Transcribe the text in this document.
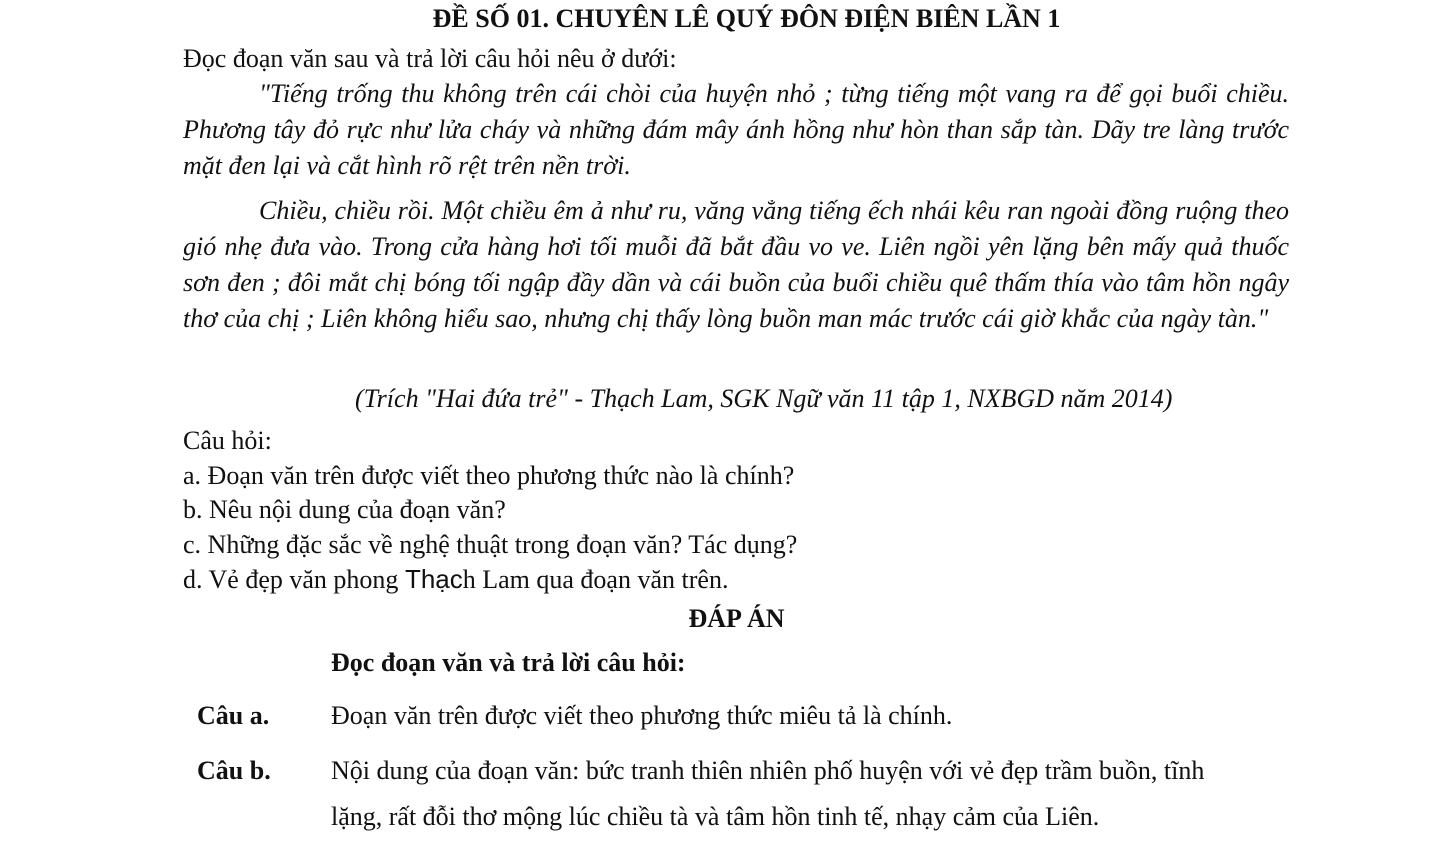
ĐỀ SỐ 01. CHUYÊN LÊ QUÝ ĐÔN ĐIỆN BIÊN LẦN 1
Đọc đoạn văn sau và trả lời câu hỏi nêu ở dưới:
"Tiếng trống thu không trên cái chòi của huyện nhỏ ; từng tiếng một vang ra để gọi buổi chiều. Phương tây đỏ rực như lửa cháy và những đám mây ánh hồng như hòn than sắp tàn. Dãy tre làng trước mặt đen lại và cắt hình rõ rệt trên nền trời.
Chiều, chiều rồi. Một chiều êm ả như ru, văng vẳng tiếng ếch nhái kêu ran ngoài đồng ruộng theo gió nhẹ đưa vào. Trong cửa hàng hơi tối muỗi đã bắt đầu vo ve. Liên ngồi yên lặng bên mấy quả thuốc sơn đen ; đôi mắt chị bóng tối ngập đầy dần và cái buồn của buổi chiều quê thấm thía vào tâm hồn ngây thơ của chị ; Liên không hiểu sao, nhưng chị thấy lòng buồn man mác trước cái giờ khắc của ngày tàn."
(Trích "Hai đứa trẻ" - Thạch Lam, SGK Ngữ văn 11 tập 1, NXBGD năm 2014)
Câu hỏi:
a. Đoạn văn trên được viết theo phương thức nào là chính?
b. Nêu nội dung của đoạn văn?
c. Những đặc sắc về nghệ thuật trong đoạn văn? Tác dụng?
d. Vẻ đẹp văn phong Thạch Lam qua đoạn văn trên.
ĐÁP ÁN
Đọc đoạn văn và trả lời câu hỏi:
Câu a. Đoạn văn trên được viết theo phương thức miêu tả là chính.
Câu b. Nội dung của đoạn văn: bức tranh thiên nhiên phố huyện với vẻ đẹp trầm buồn, tĩnh
lặng, rất đỗi thơ mộng lúc chiều tà và tâm hồn tinh tế, nhạy cảm của Liên.
